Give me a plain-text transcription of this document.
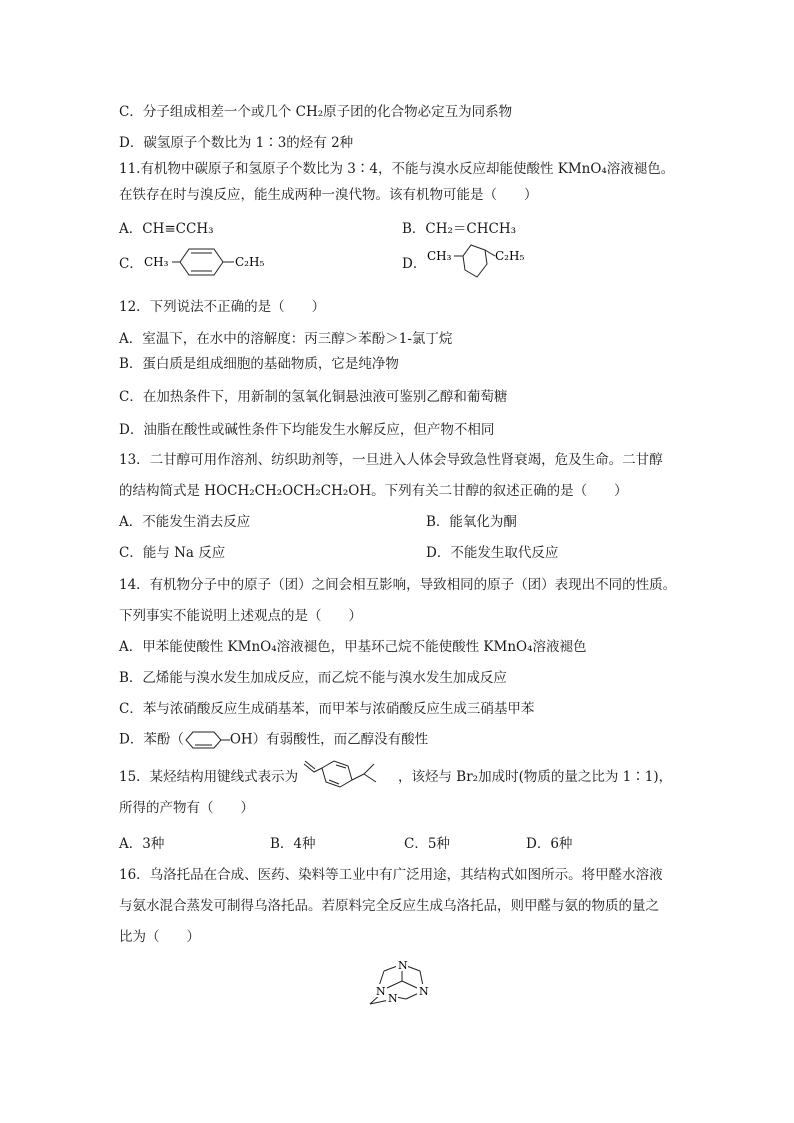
C．分子组成相差一个或几个 CH₂原子团的化合物必定互为同系物
D．碳氢原子个数比为 1∶3的烃有 2种
11.有机物中碳原子和氢原子个数比为 3∶4，不能与溴水反应却能使酸性 KMnO₄溶液褪色。
在铁存在时与溴反应，能生成两种一溴代物。该有机物可能是（　　）
A．CH≡CCH₃	B．CH₂＝CHCH₃
C． CH₃	C₂H₅	D． CH₃	C₂H₅
12．下列说法不正确的是（　　）
A．室温下，在水中的溶解度：丙三醇＞苯酚＞1-氯丁烷
B．蛋白质是组成细胞的基础物质，它是纯净物
C．在加热条件下，用新制的氢氧化铜悬浊液可鉴别乙醇和葡萄糖
D．油脂在酸性或碱性条件下均能发生水解反应，但产物不相同
13．二甘醇可用作溶剂、纺织助剂等，一旦进入人体会导致急性肾衰竭，危及生命。二甘醇
的结构简式是 HOCH₂CH₂OCH₂CH₂OH。下列有关二甘醇的叙述正确的是（　　）
A．不能发生消去反应	B．能氧化为酮
C．能与 Na 反应	D．不能发生取代反应
14．有机物分子中的原子（团）之间会相互影响，导致相同的原子（团）表现出不同的性质。
下列事实不能说明上述观点的是（　　）
A．甲苯能使酸性 KMnO₄溶液褪色，甲基环己烷不能使酸性 KMnO₄溶液褪色
B．乙烯能与溴水发生加成反应，而乙烷不能与溴水发生加成反应
C．苯与浓硝酸反应生成硝基苯，而甲苯与浓硝酸反应生成三硝基甲苯
D．苯酚（	OH）有弱酸性，而乙醇没有酸性
15．某烃结构用键线式表示为	，该烃与 Br₂加成时(物质的量之比为 1∶1)，
所得的产物有（　　）
A．3种	B．4种	C．5种	D．6种
16．乌洛托品在合成、医药、染料等工业中有广泛用途，其结构式如图所示。将甲醛水溶液
与氨水混合蒸发可制得乌洛托品。若原料完全反应生成乌洛托品，则甲醛与氨的物质的量之
比为（　　）
N
N
N
N
